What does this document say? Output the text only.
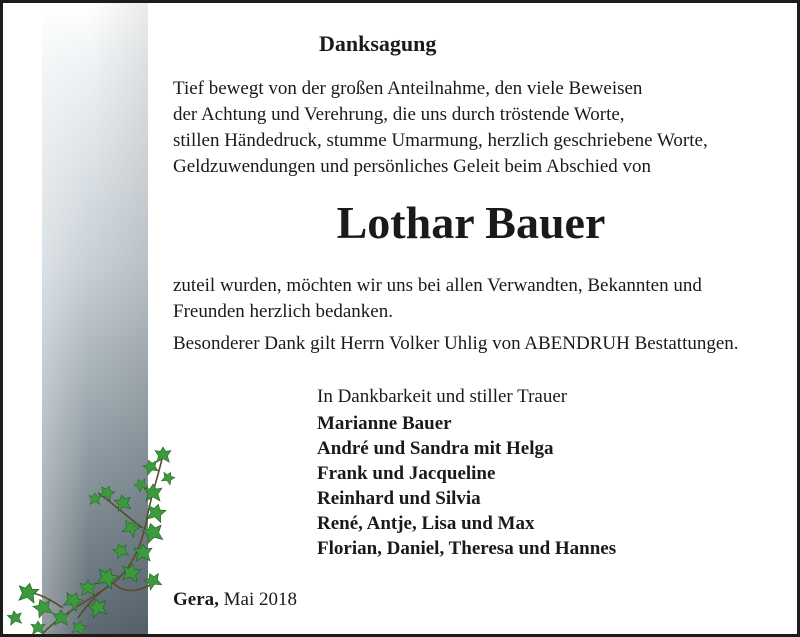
Danksagung

Tief bewegt von der großen Anteilnahme, den viele Beweisen
der Achtung und Verehrung, die uns durch tröstende Worte,
stillen Händedruck, stumme Umarmung, herzlich geschriebene Worte,
Geldzuwendungen und persönliches Geleit beim Abschied von

Lothar Bauer

zuteil wurden, möchten wir uns bei allen Verwandten, Bekannten und
Freunden herzlich bedanken.

Besonderer Dank gilt Herrn Volker Uhlig von ABENDRUH Bestattungen.

In Dankbarkeit und stiller Trauer
Marianne Bauer
André und Sandra mit Helga
Frank und Jacqueline
Reinhard und Silvia
René, Antje, Lisa und Max
Florian, Daniel, Theresa und Hannes
Gera, Mai 2018
